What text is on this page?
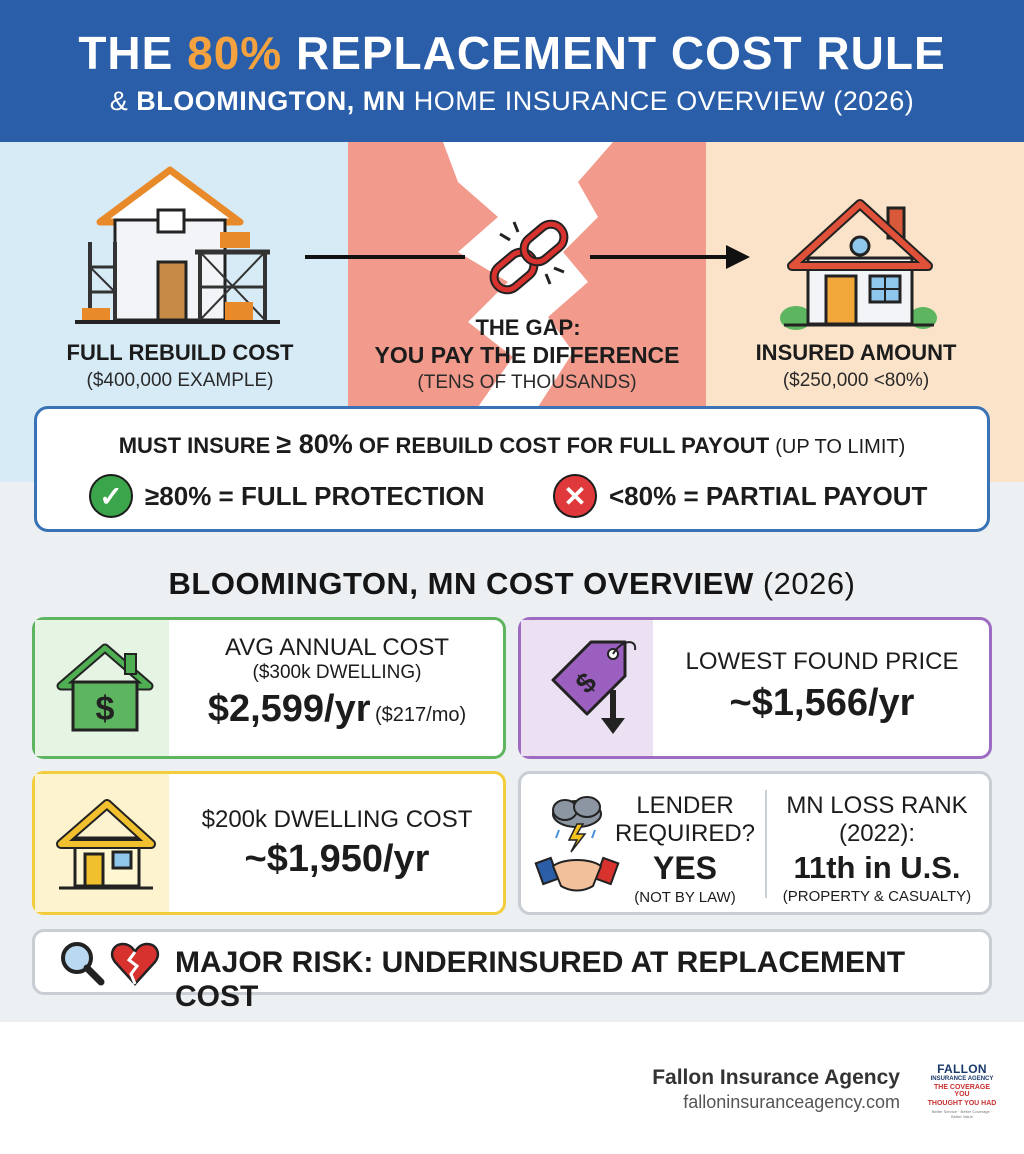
THE 80% REPLACEMENT COST RULE
& BLOOMINGTON, MN HOME INSURANCE OVERVIEW (2026)
FULL REBUILD COST
($400,000 EXAMPLE)
THE GAP:
YOU PAY THE DIFFERENCE
(TENS OF THOUSANDS)
INSURED AMOUNT
($250,000 <80%)
MUST INSURE ≥ 80% OF REBUILD COST FOR FULL PAYOUT (UP TO LIMIT)
✓ ≥80% = FULL PROTECTION	✕ <80% = PARTIAL PAYOUT
BLOOMINGTON, MN COST OVERVIEW (2026)
$
AVG ANNUAL COST
($300k DWELLING)
$2,599/yr ($217/mo)
$
LOWEST FOUND PRICE
~$1,566/yr
$200k DWELLING COST
~$1,950/yr
LENDER
REQUIRED?
YES
(NOT BY LAW)
MN LOSS RANK
(2022):
11th in U.S.
(PROPERTY & CASUALTY)
MAJOR RISK: UNDERINSURED AT REPLACEMENT COST
Fallon Insurance Agency
falloninsuranceagency.com
FALLON
INSURANCE AGENCY
THE COVERAGE YOU
THOUGHT YOU HAD
Better Service · Better Coverage · Better Value
